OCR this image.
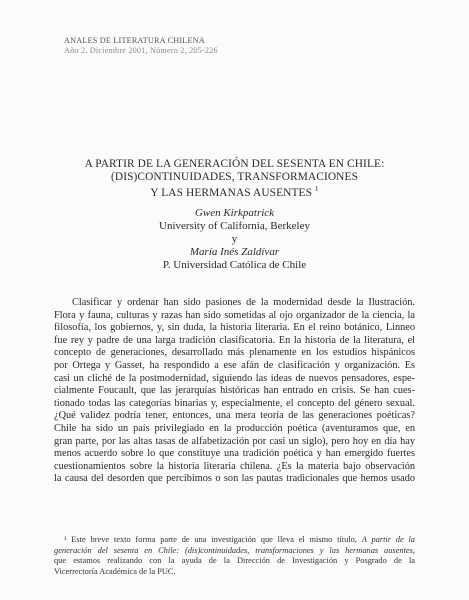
ANALES DE LITERATURA CHILENA
Año 2, Diciembre 2001, Número 2, 205-226
A PARTIR DE LA GENERACIÓN DEL SESENTA EN CHILE:
(DIS)CONTINUIDADES, TRANSFORMACIONES
Y LAS HERMANAS AUSENTES $^1$
Gwen Kirkpatrick
University of California, Berkeley
y
María Inés Zaldívar
P. Universidad Católica de Chile
Clasificar y ordenar han sido pasiones de la modernidad desde la Ilustración.
Flora y fauna, culturas y razas han sido sometidas al ojo organizador de la ciencia, la
filosofía, los gobiernos, y, sin duda, la historia literaria. En el reino botánico, Linneo
fue rey y padre de una larga tradición clasificatoria. En la historia de la literatura, el
concepto de generaciones, desarrollado más plenamente en los estudios hispánicos
por Ortega y Gasset, ha respondido a ese afán de clasificación y organización. Es
casi un cliché de la postmodernidad, siguiendo las ideas de nuevos pensadores, espe-
cialmente Foucault, que las jerarquías históricas han entrado en crisis. Se han cues-
tionado todas las categorías binarias y, especialmente, el concepto del género sexual.
¿Qué validez podría tener, entonces, una mera teoría de las generaciones poéticas?
Chile ha sido un país privilegiado en la producción poética (aventuramos que, en
gran parte, por las altas tasas de alfabetización por casi un siglo), pero hoy en día hay
menos acuerdo sobre lo que constituye una tradición poética y han emergido fuertes
cuestionamientos sobre la historia literaria chilena. ¿Es la materia bajo observación
la causa del desorden que percibimos o son las pautas tradicionales que hemos usado
¹ Este breve texto forma parte de una investigación que lleva el mismo título, A partir de la
generación del sesenta en Chile: (dis)continuidades, transformaciones y las hermanas ausentes,
que estamos realizando con la ayuda de la Dirección de Investigación y Posgrado de la
Vicerrectoría Académica de la PUC.
